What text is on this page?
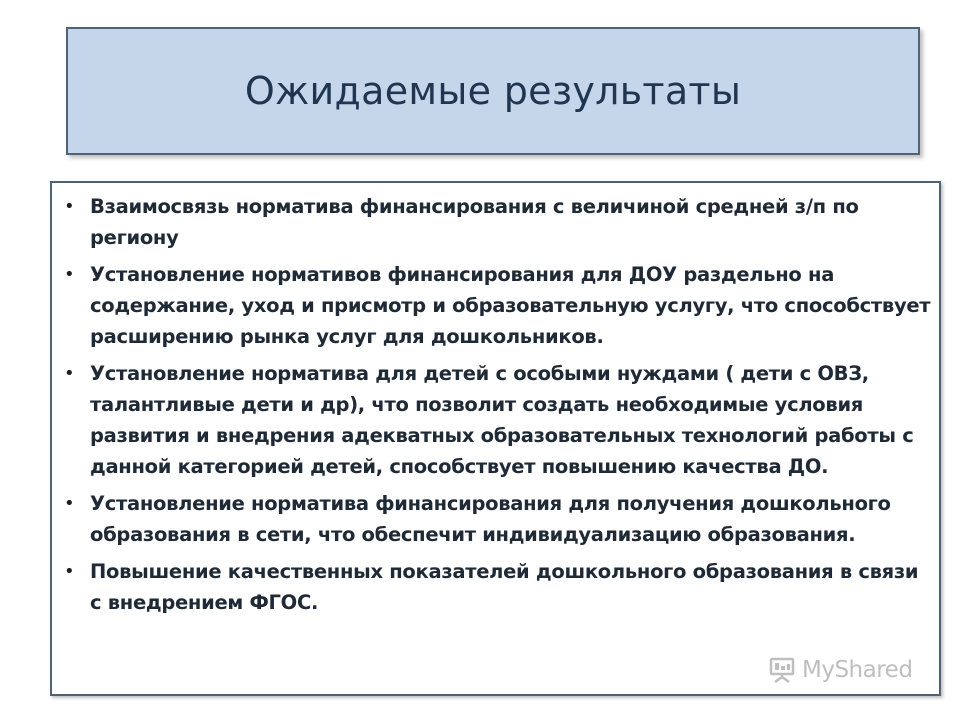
Ожидаемые результаты
• Взаимосвязь норматива финансирования с величиной средней з/п по региону
• Установление нормативов финансирования для ДОУ раздельно на содержание, уход и присмотр и образовательную услугу, что способствует расширению рынка услуг для дошкольников.
• Установление норматива для детей с особыми нуждами ( дети с ОВЗ, талантливые дети и др), что позволит создать необходимые условия развития и внедрения адекватных образовательных технологий работы с данной категорией детей, способствует повышению качества ДО.
• Установление норматива финансирования для получения дошкольного образования в сети, что обеспечит индивидуализацию образования.
• Повышение качественных показателей дошкольного образования в связи с внедрением ФГОС.
MyShared
